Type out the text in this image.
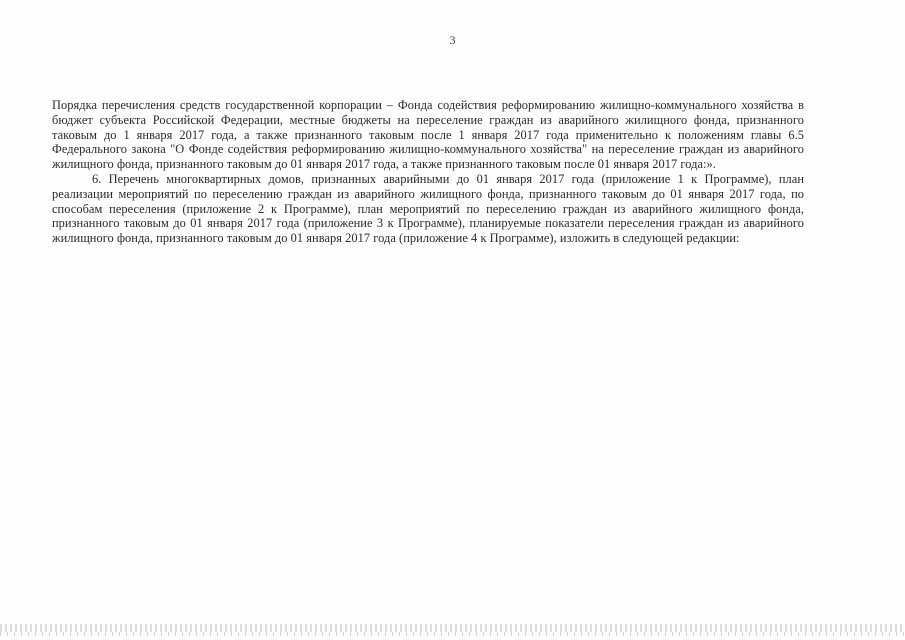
3

Порядка перечисления средств государственной корпорации – Фонда содействия реформированию жилищно-коммунального хозяйства в бюджет субъекта Российской Федерации, местные бюджеты на переселение граждан из аварийного жилищного фонда, признанного таковым до 1 января 2017 года, а также признанного таковым после 1 января 2017 года применительно к положениям главы 6.5 Федерального закона "О Фонде содействия реформированию жилищно-коммунального хозяйства" на переселение граждан из аварийного жилищного фонда, признанного таковым до 01 января 2017 года, а также признанного таковым после 01 января 2017 года:».

6. Перечень многоквартирных домов, признанных аварийными до 01 января 2017 года (приложение 1 к Программе), план реализации мероприятий по переселению граждан из аварийного жилищного фонда, признанного таковым до 01 января 2017 года, по способам переселения (приложение 2 к Программе), план мероприятий по переселению граждан из аварийного жилищного фонда, признанного таковым до 01 января 2017 года (приложение 3 к Программе), планируемые показатели переселения граждан из аварийного жилищного фонда, признанного таковым до 01 января 2017 года (приложение 4 к Программе), изложить в следующей редакции:
